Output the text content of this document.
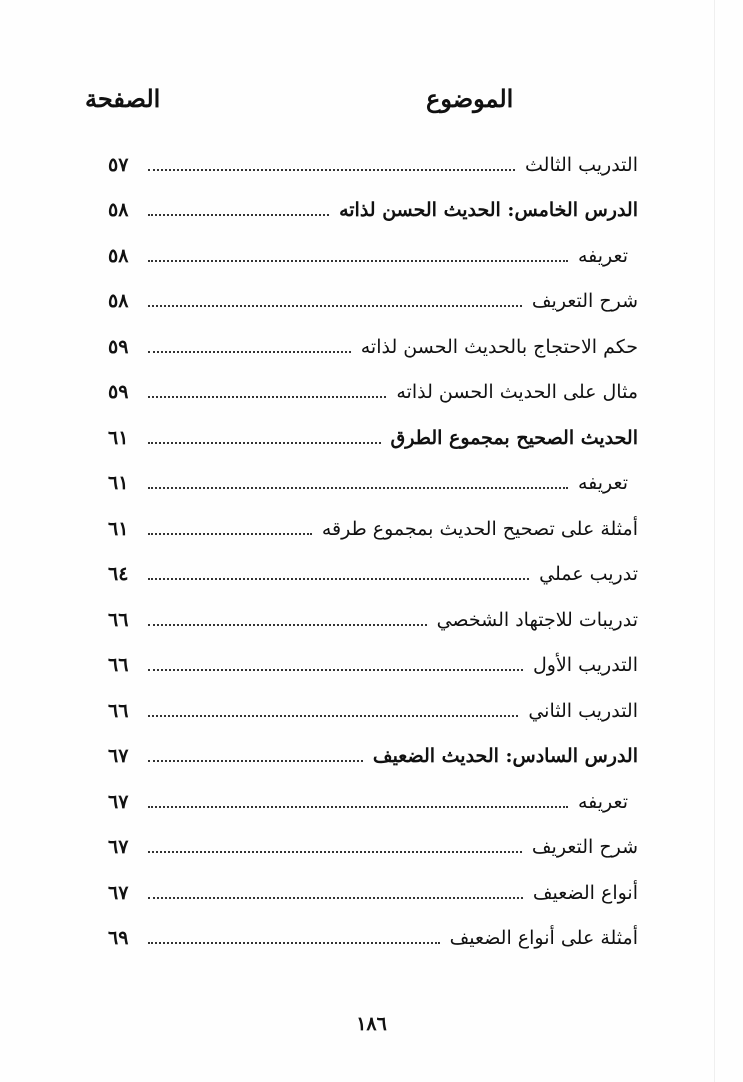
الصفحة	الموضوع
التدريب الثالث
٥٧
الدرس الخامس: الحديث الحسن لذاته
٥٨
تعريفه
٥٨
شرح التعريف
٥٨
حكم الاحتجاج بالحديث الحسن لذاته
٥٩
مثال على الحديث الحسن لذاته
٥٩
الحديث الصحيح بمجموع الطرق
٦١
تعريفه
٦١
أمثلة على تصحيح الحديث بمجموع طرقه
٦١
تدريب عملي
٦٤
تدريبات للاجتهاد الشخصي
٦٦
التدريب الأول
٦٦
التدريب الثاني
٦٦
الدرس السادس: الحديث الضعيف
٦٧
تعريفه
٦٧
شرح التعريف
٦٧
أنواع الضعيف
٦٧
أمثلة على أنواع الضعيف
٦٩
١٨٦
